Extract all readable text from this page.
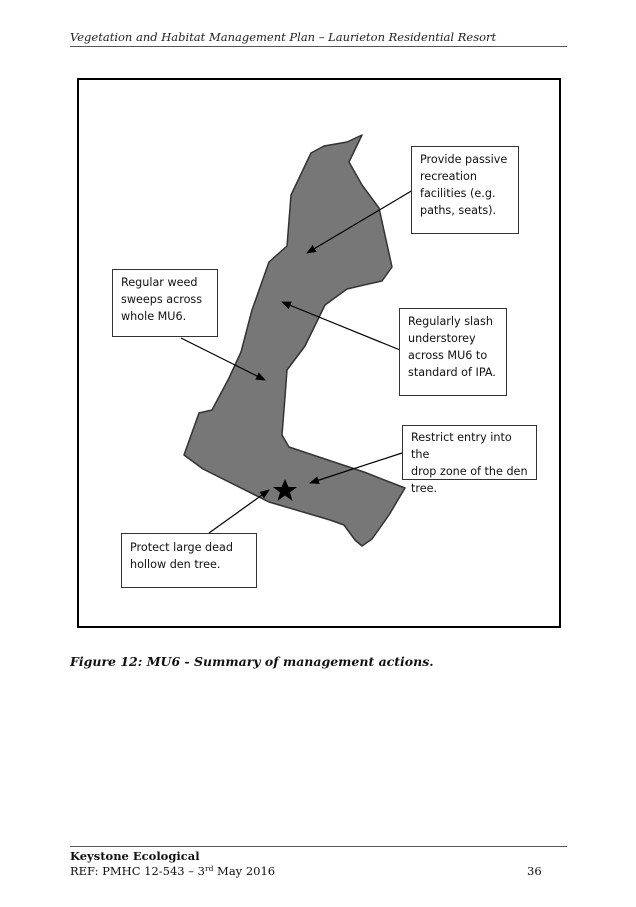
Vegetation and Habitat Management Plan – Laurieton Residential Resort
Provide passive
recreation
facilities (e.g.
paths, seats).
Regular weed
sweeps across
whole MU6.	Regularly slash
understorey
across MU6 to
standard of IPA.
Restrict entry into the
drop zone of the den
tree.
Protect large dead
hollow den tree.
Figure 12: MU6 - Summary of management actions.
Keystone Ecological
REF: PMHC 12-543 – 3rd May 2016	36
